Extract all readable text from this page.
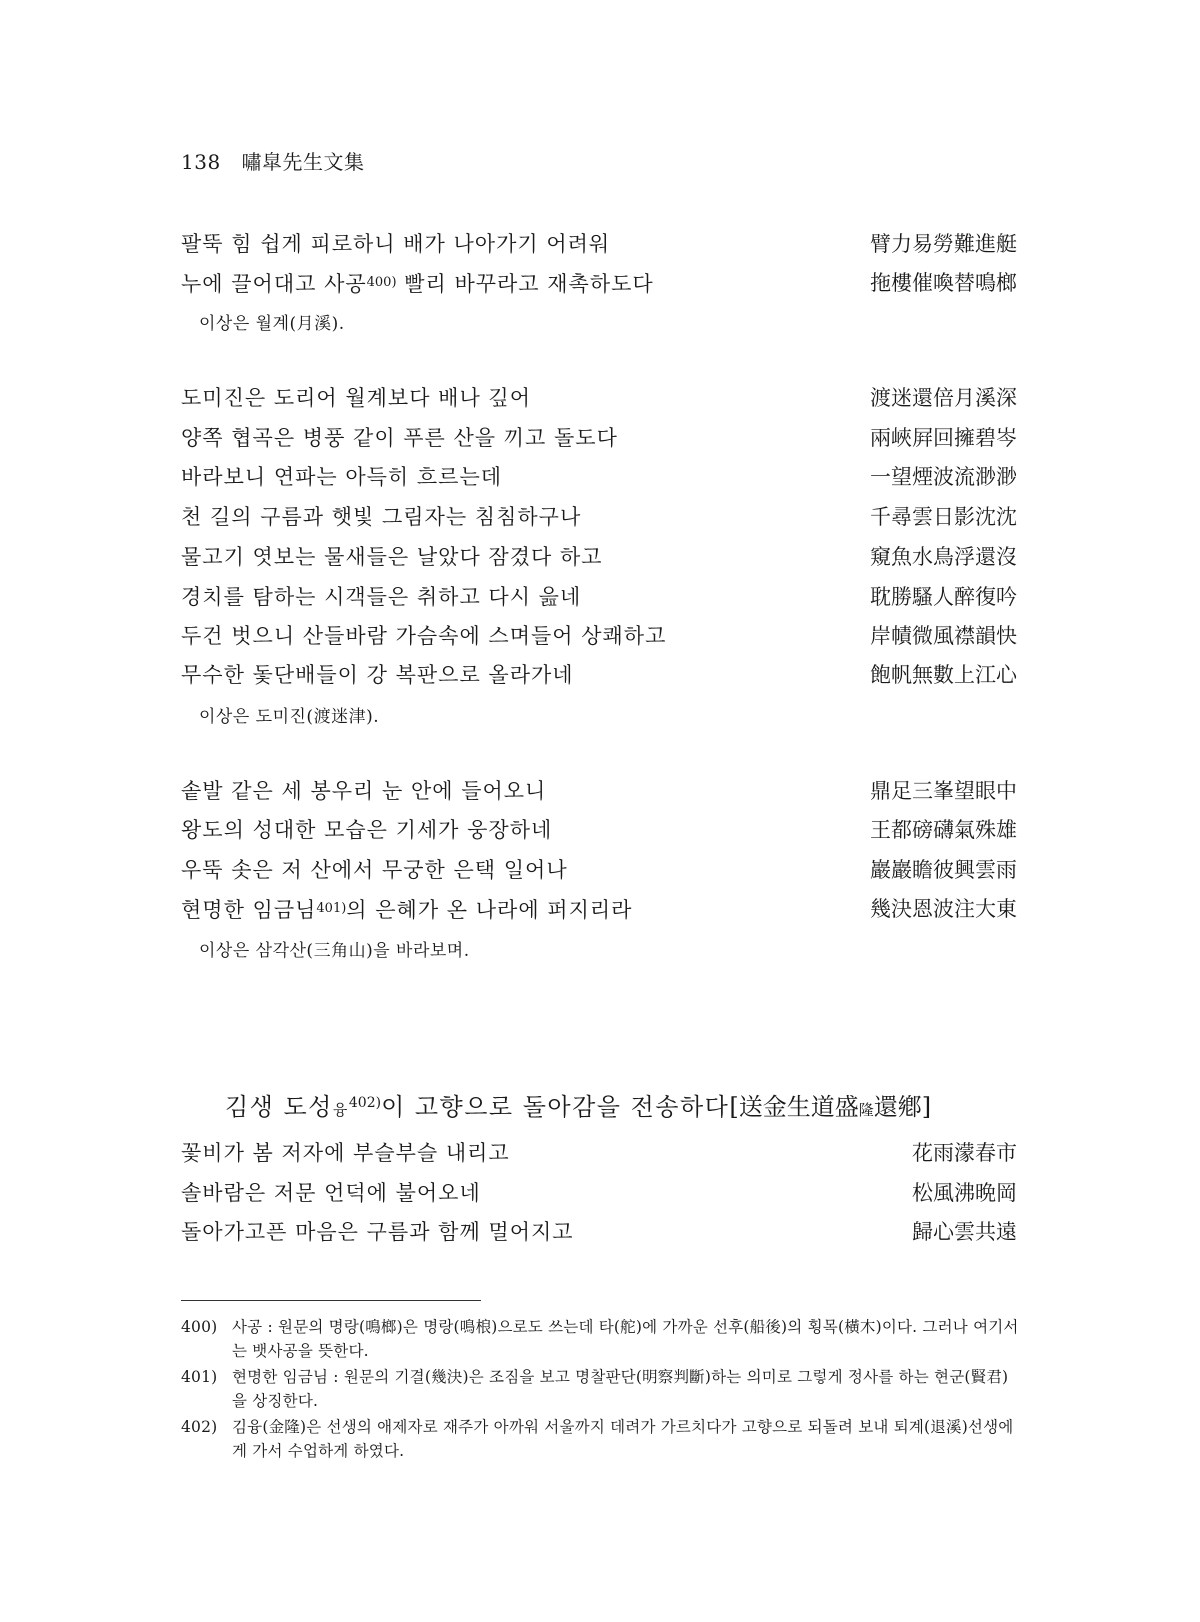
138 嘯皐先生文集
팔뚝 힘 쉽게 피로하니 배가 나아가기 어려워	臂力易勞難進艇
누에 끌어대고 사공$^{400)}$ 빨리 바꾸라고 재촉하도다	拖樓催喚替鳴榔
이상은 월계(月溪).
도미진은 도리어 월계보다 배나 깊어	渡迷還倍月溪深
양쪽 협곡은 병풍 같이 푸른 산을 끼고 돌도다	兩峽屛回擁碧岑
바라보니 연파는 아득히 흐르는데	一望煙波流渺渺
천 길의 구름과 햇빛 그림자는 침침하구나	千尋雲日影沈沈
물고기 엿보는 물새들은 날았다 잠겼다 하고	窺魚水鳥浮還沒
경치를 탐하는 시객들은 취하고 다시 읊네	耽勝騷人醉復吟
두건 벗으니 산들바람 가슴속에 스며들어 상쾌하고	岸幘微風襟韻快
무수한 돛단배들이 강 복판으로 올라가네	飽帆無數上江心
이상은 도미진(渡迷津).
솥발 같은 세 봉우리 눈 안에 들어오니	鼎足三峯望眼中
왕도의 성대한 모습은 기세가 웅장하네	王都磅礴氣殊雄
우뚝 솟은 저 산에서 무궁한 은택 일어나	巖巖瞻彼興雲雨
현명한 임금님$^{401)}$의 은혜가 온 나라에 퍼지리라	幾決恩波注大東
이상은 삼각산(三角山)을 바라보며.
김생 도성융$^{402)}$이 고향으로 돌아감을 전송하다[送金生道盛隆還鄕]
꽃비가 봄 저자에 부슬부슬 내리고	花雨濛春市
솔바람은 저문 언덕에 불어오네	松風沸晩岡
돌아가고픈 마음은 구름과 함께 멀어지고	歸心雲共遠
400) 사공 : 원문의 명랑(鳴榔)은 명랑(鳴桹)으로도 쓰는데 타(舵)에 가까운 선후(船後)의 횡목(橫木)이다. 그러나 여기서는 뱃사공을 뜻한다.
401) 현명한 임금님 : 원문의 기결(幾決)은 조짐을 보고 명찰판단(明察判斷)하는 의미로 그렇게 정사를 하는 현군(賢君)을 상징한다.
402) 김융(金隆)은 선생의 애제자로 재주가 아까워 서울까지 데려가 가르치다가 고향으로 되돌려 보내 퇴계(退溪)선생에게 가서 수업하게 하였다.
